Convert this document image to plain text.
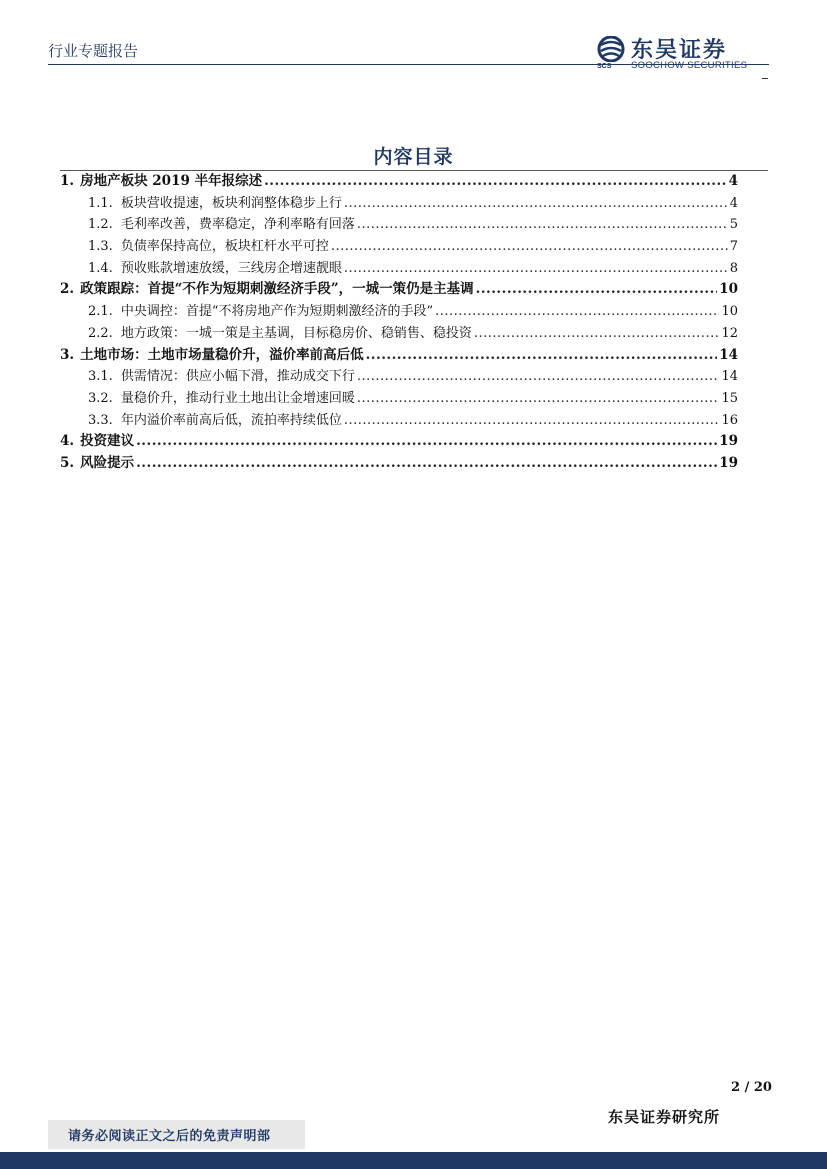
行业专题报告
SCS
东吴证券
SOOCHOW SECURITIES
内容目录
1. 房地产板块 2019 半年报综述 .....	4
1.1. 板块营收提速，板块利润整体稳步上行 .....	4
1.2. 毛利率改善，费率稳定，净利率略有回落 .....	5
1.3. 负债率保持高位，板块杠杆水平可控 .....	7
1.4. 预收账款增速放缓，三线房企增速靓眼 .....	8
2. 政策跟踪：首提“不作为短期刺激经济手段”，一城一策仍是主基调 .....	10
2.1. 中央调控：首提“不将房地产作为短期刺激经济的手段” .....	10
2.2. 地方政策：一城一策是主基调，目标稳房价、稳销售、稳投资 .....	12
3. 土地市场：土地市场量稳价升，溢价率前高后低 .....	14
3.1. 供需情况：供应小幅下滑，推动成交下行 .....	14
3.2. 量稳价升，推动行业土地出让金增速回暖 .....	15
3.3. 年内溢价率前高后低，流拍率持续低位 .....	16
4. 投资建议 .....	19
5. 风险提示 .....	19
2 / 20
东吴证券研究所
请务必阅读正文之后的免责声明部
